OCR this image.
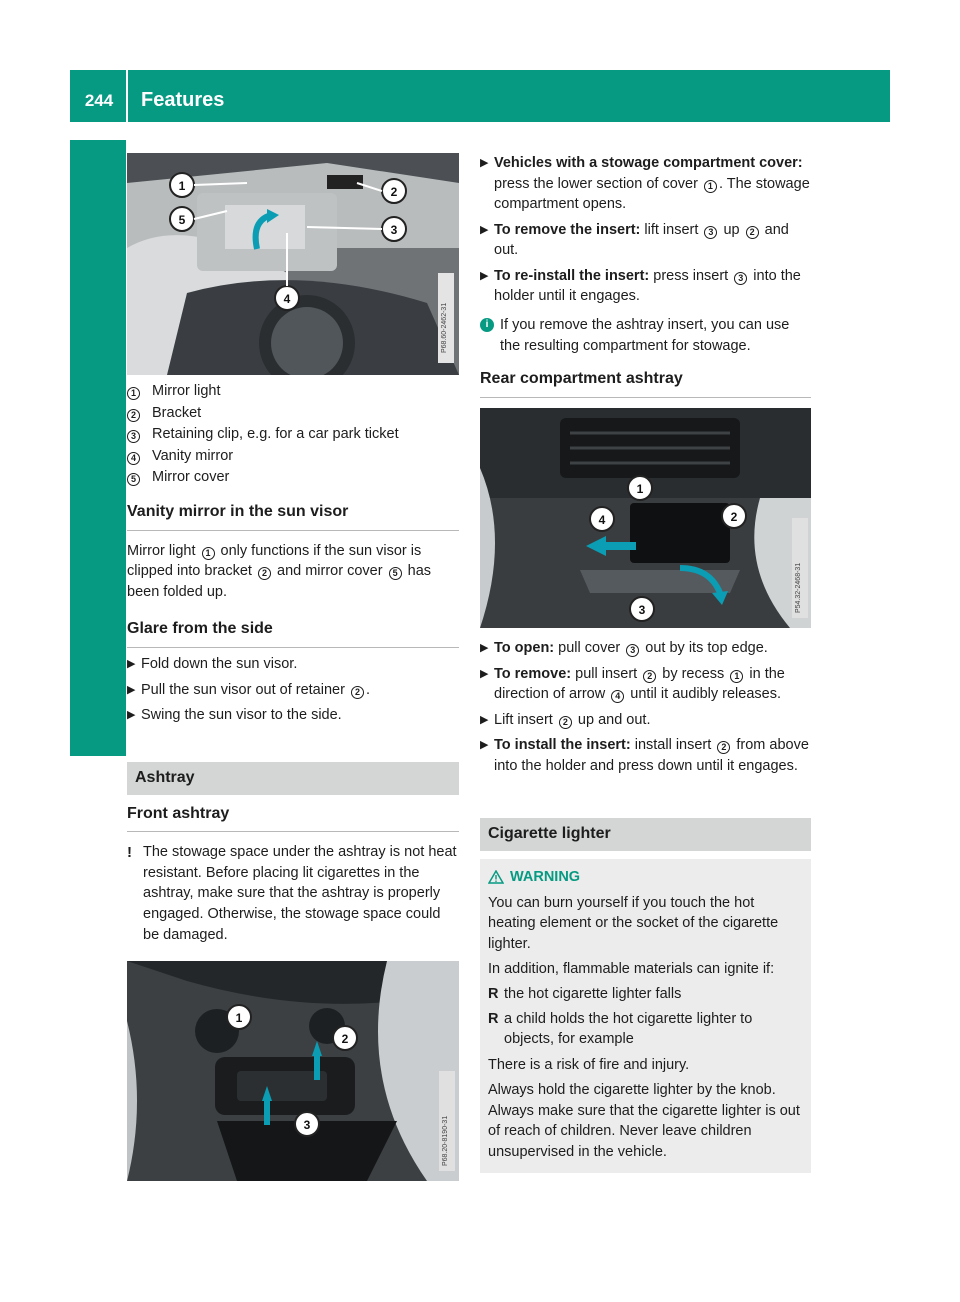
244	Features
Stowage and features	P68.60-2462-31
1	2
3
4
5
1 Mirror light
2 Bracket
3 Retaining clip, e.g. for a car park ticket
4 Vanity mirror
5 Mirror cover
Vanity mirror in the sun visor

Mirror light 1 only functions if the sun visor is clipped into bracket 2 and mirror cover 5 has been folded up.

Glare from the side
▶ Fold down the sun visor.
▶ Pull the sun visor out of retainer 2 .
▶ Swing the sun visor to the side.
Ashtray
Front ashtray
! The stowage space under the ashtray is not heat resistant. Before placing lit cigarettes in the ashtray, make sure that the ashtray is properly engaged. Otherwise, the stowage space could be damaged.
P68.20-8190-31
1
2
3
▶ Vehicles with a stowage compartment cover: press the lower section of cover 1 . The stowage compartment opens.
▶ To remove the insert: lift insert 3 up 2 and out.
▶ To re-install the insert: press insert 3 into the holder until it engages.
i If you remove the ashtray insert, you can use the resulting compartment for stowage.
Rear compartment ashtray
P54.32-2468-31
1
2
3
4
▶ To open: pull cover 3 out by its top edge.
▶ To remove: pull insert 2 by recess 1 in the direction of arrow 4 until it audibly releases.
▶ Lift insert 2 up and out.
▶ To install the insert: install insert 2 from above into the holder and press down until it engages.
Cigarette lighter
WARNING

You can burn yourself if you touch the hot heating element or the socket of the cigarette lighter.

In addition, flammable materials can ignite if:

R the hot cigarette lighter falls
R a child holds the hot cigarette lighter to objects, for example

There is a risk of fire and injury.

Always hold the cigarette lighter by the knob. Always make sure that the cigarette lighter is out of reach of children. Never leave children unsupervised in the vehicle.
